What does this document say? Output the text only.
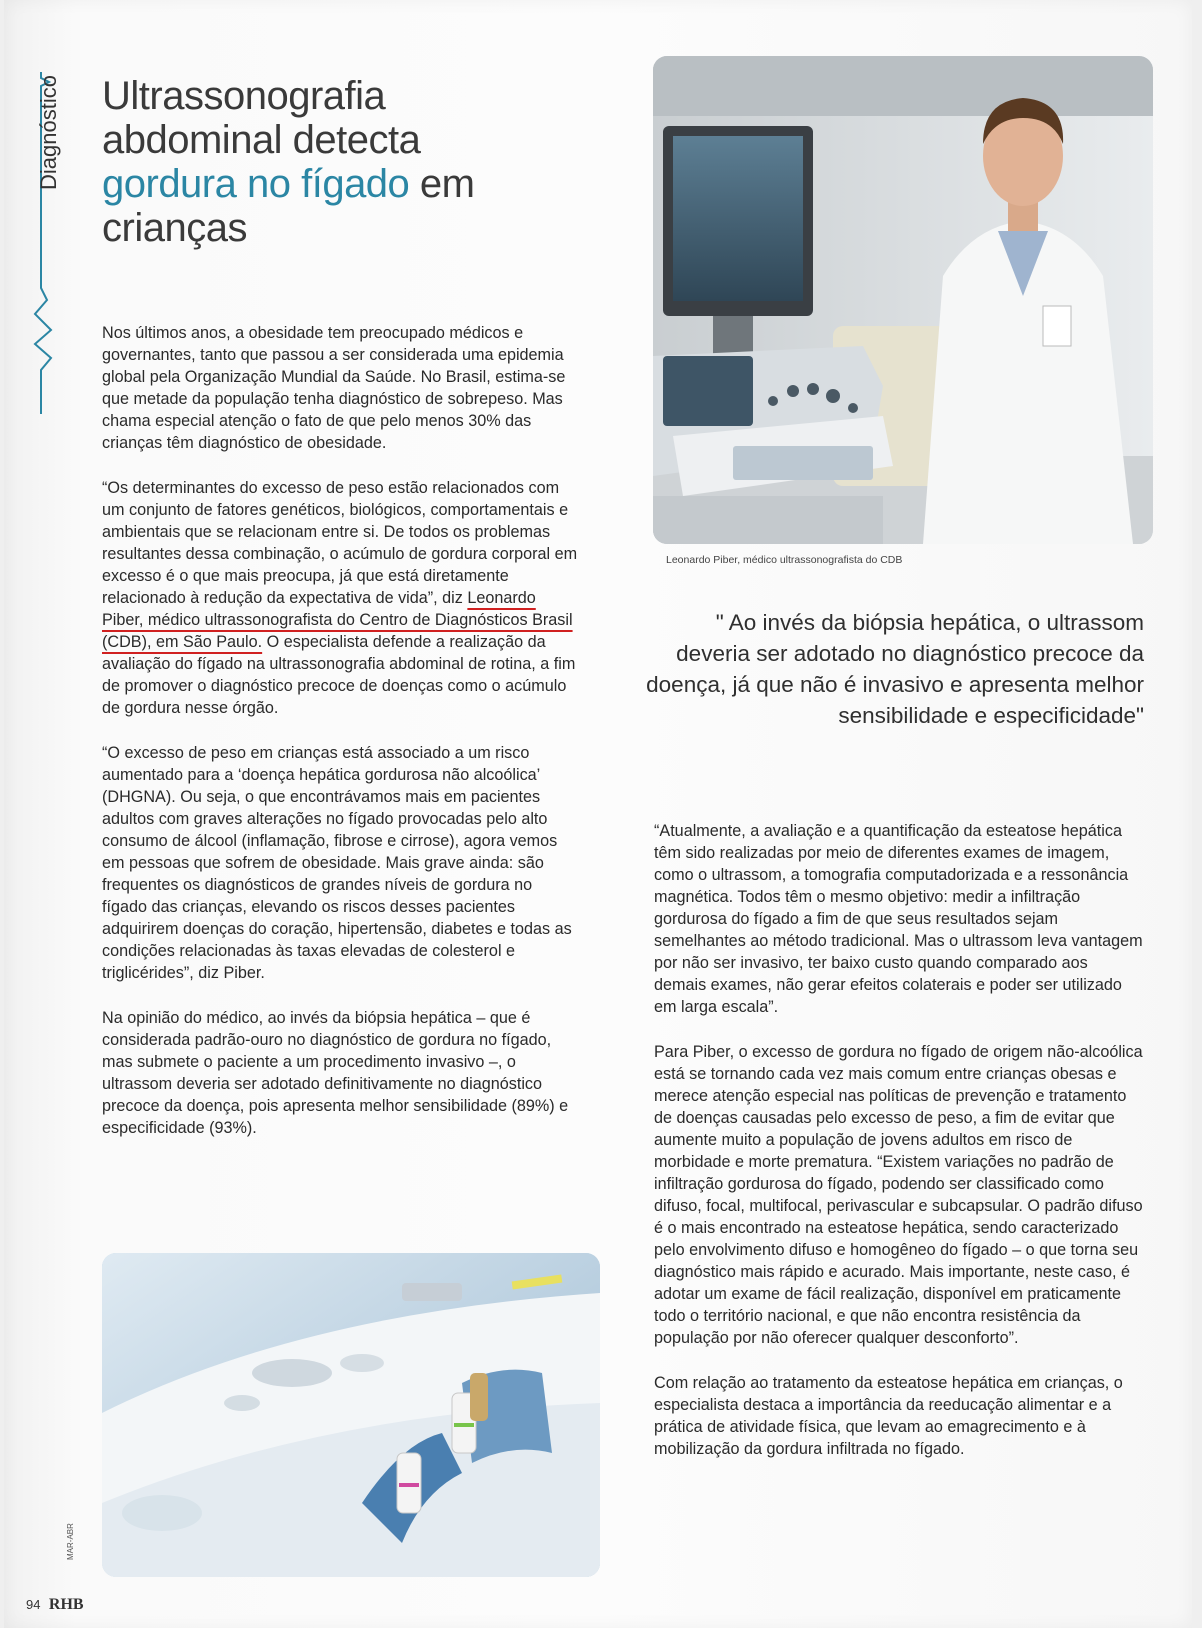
Diagnóstico Ultrassonografia
abdominal detecta
gordura no fígado em
crianças

Nos últimos anos, a obesidade tem preocupado médicos e governantes, tanto que passou a ser considerada uma epidemia global pela Organização Mundial da Saúde. No Brasil, estima-se que metade da população tenha diagnóstico de sobrepeso. Mas chama especial atenção o fato de que pelo menos 30% das crianças têm diagnóstico de obesidade.

“Os determinantes do excesso de peso estão relacionados com um conjunto de fatores genéticos, biológicos, comportamentais e ambientais que se relacionam entre si. De todos os problemas resultantes dessa combinação, o acúmulo de gordura corporal em excesso é o que mais preocupa, já que está diretamente relacionado à redução da expectativa de vida”, diz Leonardo Piber, médico ultrassonografista do Centro de Diagnósticos Brasil (CDB), em São Paulo. O especialista defende a realização da avaliação do fígado na ultrassonografia abdominal de rotina, a fim de promover o diagnóstico precoce de doenças como o acúmulo de gordura nesse órgão.

“O excesso de peso em crianças está associado a um risco aumentado para a ‘doença hepática gordurosa não alcoólica’ (DHGNA). Ou seja, o que encontrávamos mais em pacientes adultos com graves alterações no fígado provocadas pelo alto consumo de álcool (inflamação, fibrose e cirrose), agora vemos em pessoas que sofrem de obesidade. Mais grave ainda: são frequentes os diagnósticos de grandes níveis de gordura no fígado das crianças, elevando os riscos desses pacientes adquirirem doenças do coração, hipertensão, diabetes e todas as condições relacionadas às taxas elevadas de colesterol e triglicérides”, diz Piber.

Na opinião do médico, ao invés da biópsia hepática – que é considerada padrão-ouro no diagnóstico de gordura no fígado, mas submete o paciente a um procedimento invasivo –, o ultrassom deveria ser adotado definitivamente no diagnóstico precoce da doença, pois apresenta melhor sensibilidade (89%) e especificidade (93%).

Leonardo Piber, médico ultrassonografista do CDB
" Ao invés da biópsia hepática, o ultrassom deveria ser adotado no diagnóstico precoce da doença, já que não é invasivo e apresenta melhor sensibilidade e especificidade"

“Atualmente, a avaliação e a quantificação da esteatose hepática têm sido realizadas por meio de diferentes exames de imagem, como o ultrassom, a tomografia computadorizada e a ressonância magnética. Todos têm o mesmo objetivo: medir a infiltração gordurosa do fígado a fim de que seus resultados sejam semelhantes ao método tradicional. Mas o ultrassom leva vantagem por não ser invasivo, ter baixo custo quando comparado aos demais exames, não gerar efeitos colaterais e poder ser utilizado em larga escala”.

Para Piber, o excesso de gordura no fígado de origem não-alcoólica está se tornando cada vez mais comum entre crianças obesas e merece atenção especial nas políticas de prevenção e tratamento de doenças causadas pelo excesso de peso, a fim de evitar que aumente muito a população de jovens adultos em risco de morbidade e morte prematura. “Existem variações no padrão de infiltração gordurosa do fígado, podendo ser classificado como difuso, focal, multifocal, perivascular e subcapsular. O padrão difuso é o mais encontrado na esteatose hepática, sendo caracterizado pelo envolvimento difuso e homogêneo do fígado – o que torna seu diagnóstico mais rápido e acurado. Mais importante, neste caso, é adotar um exame de fácil realização, disponível em praticamente todo o território nacional, e que não encontra resistência da população por não oferecer qualquer desconforto”.

Com relação ao tratamento da esteatose hepática em crianças, o especialista destaca a importância da reeducação alimentar e a prática de atividade física, que levam ao emagrecimento e à mobilização da gordura infiltrada no fígado.

94 RHB
MAR-ABR
